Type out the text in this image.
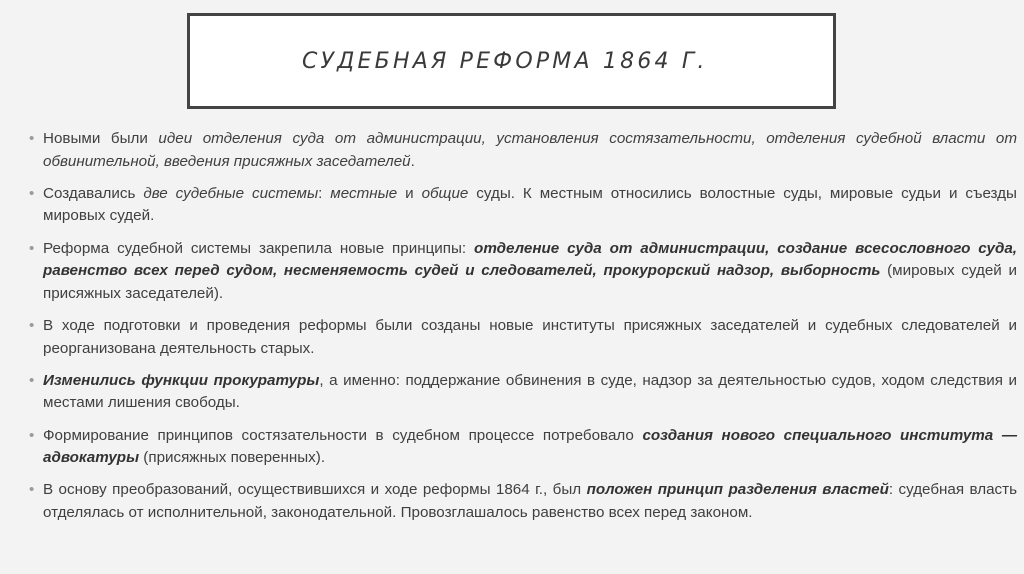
СУДЕБНАЯ РЕФОРМА 1864 Г.
• Новыми были идеи отделения суда от администрации, установления состязательности, отделения судебной власти от обвинительной, введения присяжных заседателей.
• Создавались две судебные системы: местные и общие суды. К местным относились волостные суды, мировые судьи и съезды мировых судей.
• Реформа судебной системы закрепила новые принципы: отделение суда от администрации, создание всесословного суда, равенство всех перед судом, несменяемость судей и следователей, прокурорский надзор, выборность (мировых судей и присяжных заседателей).
• В ходе подготовки и проведения реформы были созданы новые институты присяжных заседателей и судебных следователей и реорганизована деятельность старых.
• Изменились функции прокуратуры, а именно: поддержание обвинения в суде, надзор за деятельностью судов, ходом следствия и местами лишения свободы.
• Формирование принципов состязательности в судебном процессе потребовало создания нового специального института — адвокатуры (присяжных поверенных).
• В основу преобразований, осуществившихся и ходе реформы 1864 г., был положен принцип разделения властей: судебная власть отделялась от исполнительной, законодательной. Провозглашалось равенство всех перед законом.
